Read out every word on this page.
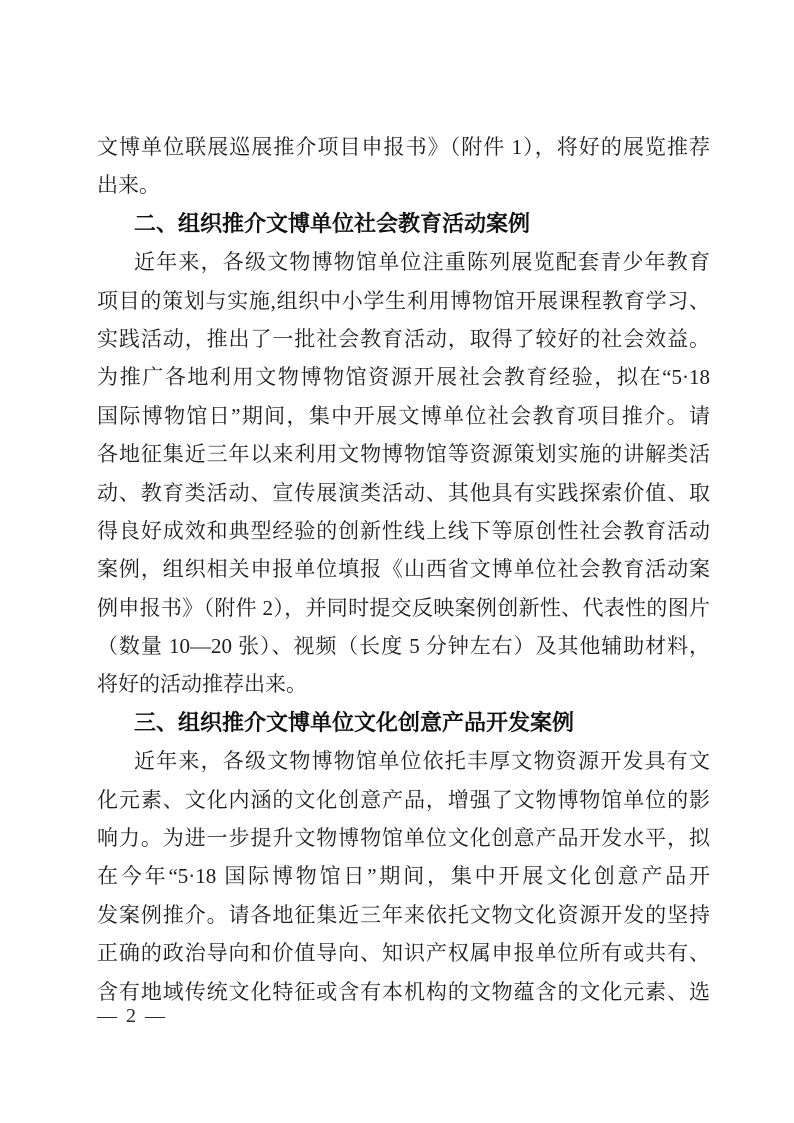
文博单位联展巡展推介项目申报书》（附件 1），将好的展览推荐
出来。
二、组织推介文博单位社会教育活动案例
近年来，各级文物博物馆单位注重陈列展览配套青少年教育
项目的策划与实施,组织中小学生利用博物馆开展课程教育学习、
实践活动，推出了一批社会教育活动，取得了较好的社会效益。
为推广各地利用文物博物馆资源开展社会教育经验，拟在“5·18
国际博物馆日”期间，集中开展文博单位社会教育项目推介。请
各地征集近三年以来利用文物博物馆等资源策划实施的讲解类活
动、教育类活动、宣传展演类活动、其他具有实践探索价值、取
得良好成效和典型经验的创新性线上线下等原创性社会教育活动
案例，组织相关申报单位填报《山西省文博单位社会教育活动案
例申报书》（附件 2），并同时提交反映案例创新性、代表性的图片
（数量 10—20 张）、视频（长度 5 分钟左右）及其他辅助材料，
将好的活动推荐出来。
三、组织推介文博单位文化创意产品开发案例
近年来，各级文物博物馆单位依托丰厚文物资源开发具有文
化元素、文化内涵的文化创意产品，增强了文物博物馆单位的影
响力。为进一步提升文物博物馆单位文化创意产品开发水平，拟
在今年“5·18 国际博物馆日”期间，集中开展文化创意产品开
发案例推介。请各地征集近三年来依托文物文化资源开发的坚持
正确的政治导向和价值导向、知识产权属申报单位所有或共有、
含有地域传统文化特征或含有本机构的文物蕴含的文化元素、选
— 2 —
